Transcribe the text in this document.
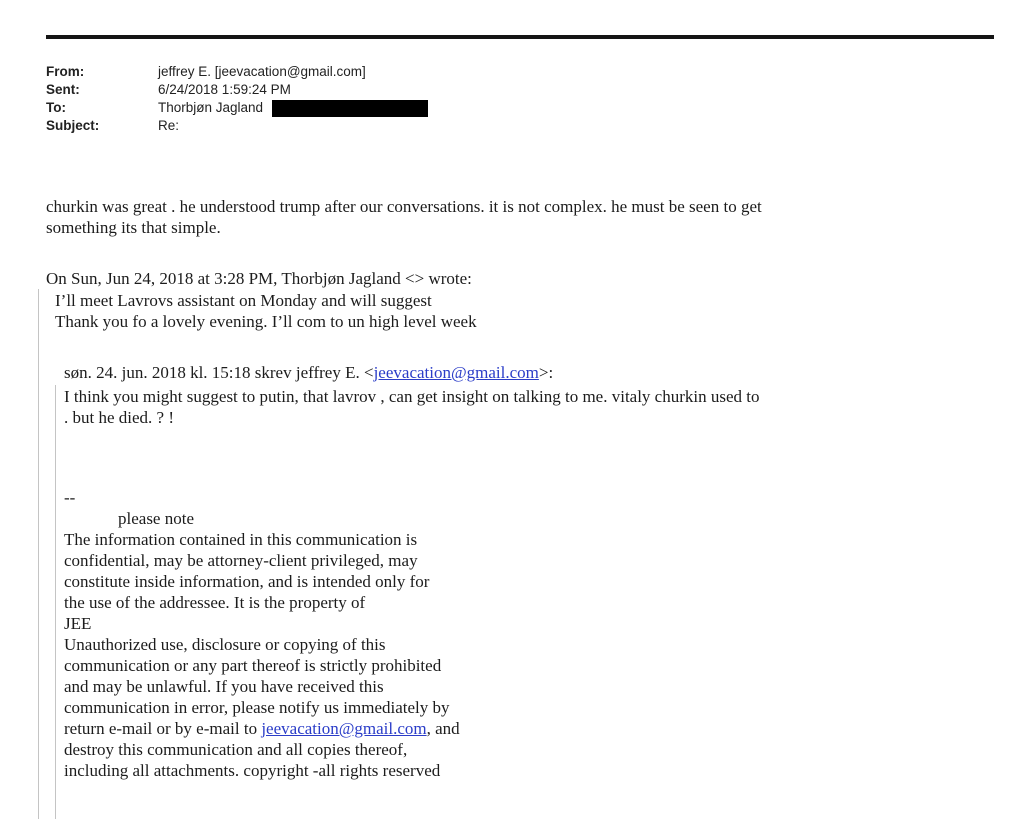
From:	jeffrey E. [jeevacation@gmail.com]
Sent:	6/24/2018 1:59:24 PM
To:	Thorbjøn Jagland
Subject:	Re:
churkin was great . he understood trump after our conversations. it is not complex. he must be seen to get
something its that simple.
On Sun, Jun 24, 2018 at 3:28 PM, Thorbjøn Jagland <> wrote:
I’ll meet Lavrovs assistant on Monday and will suggest
Thank you fo a lovely evening. I’ll com to un high level week
søn. 24. jun. 2018 kl. 15:18 skrev jeffrey E. <jeevacation@gmail.com>:
I think you might suggest to putin, that lavrov , can get insight on talking to me. vitaly churkin used to
. but he died. ? !
--
please note
The information contained in this communication is
confidential, may be attorney-client privileged, may
constitute inside information, and is intended only for
the use of the addressee. It is the property of
JEE
Unauthorized use, disclosure or copying of this
communication or any part thereof is strictly prohibited
and may be unlawful. If you have received this
communication in error, please notify us immediately by
return e-mail or by e-mail to jeevacation@gmail.com, and
destroy this communication and all copies thereof,
including all attachments. copyright -all rights reserved
